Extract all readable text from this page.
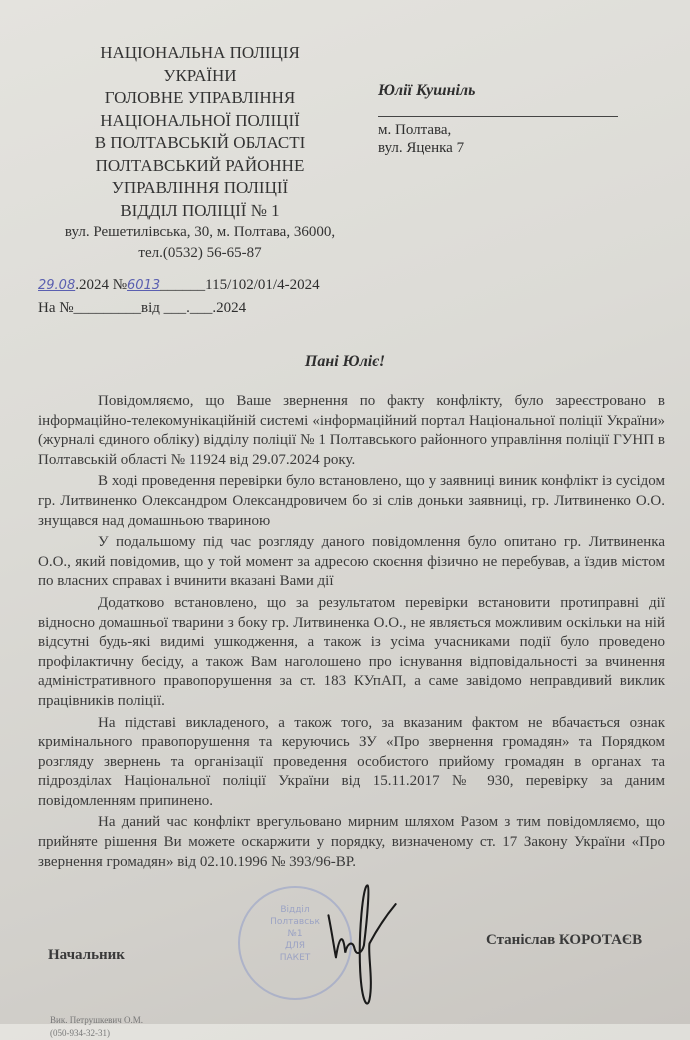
НАЦІОНАЛЬНА ПОЛІЦІЯ
УКРАЇНИ
ГОЛОВНЕ УПРАВЛІННЯ
НАЦІОНАЛЬНОЇ ПОЛІЦІЇ
В ПОЛТАВСЬКІЙ ОБЛАСТІ
ПОЛТАВСЬКИЙ РАЙОННЕ
УПРАВЛІННЯ ПОЛІЦІЇ
ВІДДІЛ ПОЛІЦІЇ № 1
вул. Решетилівська, 30, м. Полтава, 36000,
тел.(0532) 56-65-87
Юлії Кушніль
м. Полтава,
вул. Яценка 7
29.08.2024 №6013______115/102/01/4-2024
На №_________від ___.___.2024
Пані Юліє!

Повідомляємо, що Ваше звернення по факту конфлікту, було зареєстровано в інформаційно-телекомунікаційній системі «інформаційний портал Національної поліції України» (журналі єдиного обліку) відділу поліції № 1 Полтавського районного управління поліції ГУНП в Полтавській області № 11924 від 29.07.2024 року.

В ході проведення перевірки було встановлено, що у заявниці виник конфлікт із сусідом гр. Литвиненко Олександром Олександровичем бо зі слів доньки заявниці, гр. Литвиненко О.О. знущався над домашньою тваринoю

У подальшому під час розгляду даного повідомлення було опитано гр. Литвиненка О.О., який повідомив, що у той момент за адресою скоєння фізично не перебував, а їздив містом по власних справах і вчинити вказані Вами дії

Додатково встановлено, що за результатом перевірки встановити протиправні дії відносно домашньої тварини з боку гр. Литвиненка О.О., не являється можливим оскільки на ній відсутні будь-які видимі ушкодження, а також із усіма учасниками події було проведено профілактичну бесіду, а також Вам наголошено про існування відповідальності за вчинення адміністративного правопорушення за ст. 183 КУпАП, а саме завідомо неправдивий виклик працівників поліції.

На підставі викладеного, а також того, за вказаним фактом не вбачається ознак кримінального правопорушення та керуючись ЗУ «Про звернення громадян» та Порядком розгляду звернень та організації проведення особистого прийому громадян в органах та підрозділах Національної поліції України від 15.11.2017 № 930, перевірку за даним повідомленням припинено.

На даний час конфлікт врегульовано мирним шляхом Разом з тим повідомляємо, що прийняте рішення Ви можете оскаржити у порядку, визначеному ст. 17 Закону України «Про звернення громадян» від 02.10.1996 № 393/96-ВР.

Відділ
Полтавськ
№1
ДЛЯ
ПАКЕТ
Начальник
Станіслав КОРОТАЄВ
Вик. Петрушкевич О.М.
(050-934-32-31)
